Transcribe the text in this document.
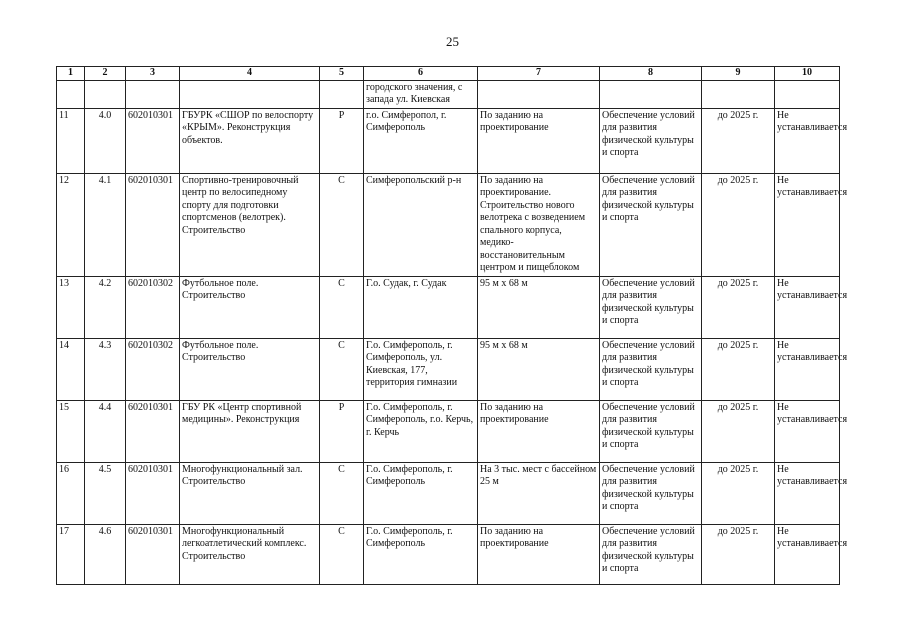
25
1	2	3	4	5	6	7	8	9	10
					городского значения, с запада ул. Киевская				
11	4.0	602010301	ГБУРК «СШОР по велоспорту «КРЫМ». Реконструкция объектов.	Р	г.о. Симферопол, г. Симферополь	По заданию на проектирование	Обеспечение условий для развития физической культуры и спорта	до 2025 г.	Не устанавливается
12	4.1	602010301	Спортивно-тренировочный центр по велосипедному спорту для подготовки спортсменов (велотрек). Строительство	С	Симферопольский р-н	По заданию на проектирование. Строительство нового велотрека с возведением спального корпуса, медико-восстановительным центром и пищеблоком	Обеспечение условий для развития физической культуры и спорта	до 2025 г.	Не устанавливается
13	4.2	602010302	Футбольное поле. Строительство	С	Г.о. Судак, г. Судак	95 м х 68 м	Обеспечение условий для развития физической культуры и спорта	до 2025 г.	Не устанавливается
14	4.3	602010302	Футбольное поле. Строительство	С	Г.о. Симферополь, г. Симферополь, ул. Киевская, 177, территория гимназии	95 м х 68 м	Обеспечение условий для развития физической культуры и спорта	до 2025 г.	Не устанавливается
15	4.4	602010301	ГБУ РК «Центр спортивной медицины». Реконструкция	Р	Г.о. Симферополь, г. Симферополь, г.о. Керчь, г. Керчь	По заданию на проектирование	Обеспечение условий для развития физической культуры и спорта	до 2025 г.	Не устанавливается
16	4.5	602010301	Многофункциональный зал. Строительство	С	Г.о. Симферополь, г. Симферополь	На 3 тыс. мест с бассейном 25 м	Обеспечение условий для развития физической культуры и спорта	до 2025 г.	Не устанавливается
17	4.6	602010301	Многофункциональный легкоатлетический комплекс. Строительство	С	Г.о. Симферополь, г. Симферополь	По заданию на проектирование	Обеспечение условий для развития физической культуры и спорта	до 2025 г.	Не устанавливается
